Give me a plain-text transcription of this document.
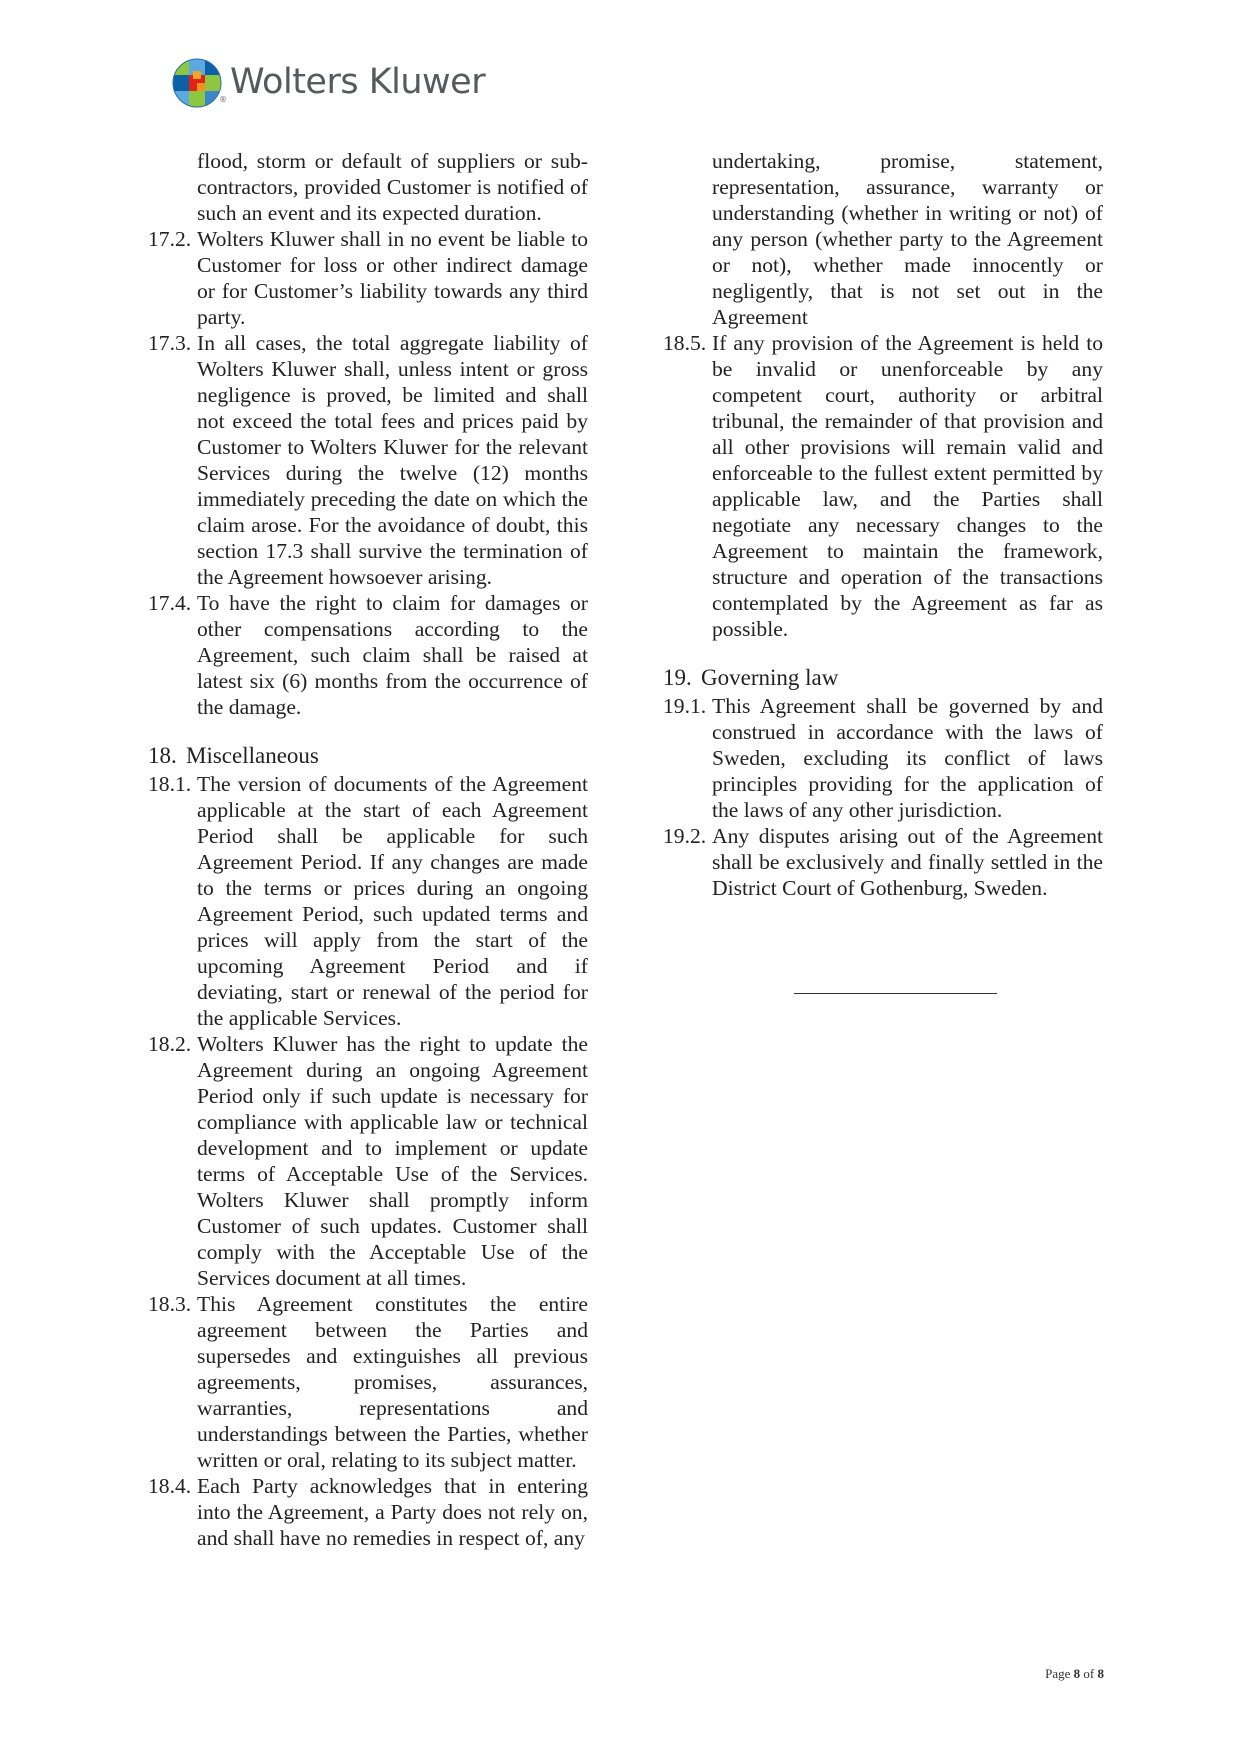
® Wolters Kluwer

flood, storm or default of suppliers or sub-contractors, provided Customer is notified of such an event and its expected duration.

17.2. Wolters Kluwer shall in no event be liable to Customer for loss or other indirect damage or for Customer’s liability towards any third party.
17.3. In all cases, the total aggregate liability of Wolters Kluwer shall, unless intent or gross negligence is proved, be limited and shall not exceed the total fees and prices paid by Customer to Wolters Kluwer for the relevant Services during the twelve (12) months immediately preceding the date on which the claim arose. For the avoidance of doubt, this section 17.3 shall survive the termination of the Agreement howsoever arising.
17.4. To have the right to claim for damages or other compensations according to the Agreement, such claim shall be raised at latest six (6) months from the occurrence of the damage.
18. Miscellaneous
18.1. The version of documents of the Agreement applicable at the start of each Agreement Period shall be applicable for such Agreement Period. If any changes are made to the terms or prices during an ongoing Agreement Period, such updated terms and prices will apply from the start of the upcoming Agreement Period and if deviating, start or renewal of the period for the applicable Services.
18.2. Wolters Kluwer has the right to update the Agreement during an ongoing Agreement Period only if such update is necessary for compliance with applicable law or technical development and to implement or update terms of Acceptable Use of the Services. Wolters Kluwer shall promptly inform Customer of such updates. Customer shall comply with the Acceptable Use of the Services document at all times.
18.3. This Agreement constitutes the entire agreement between the Parties and supersedes and extinguishes all previous agreements, promises, assurances, warranties, representations and understandings between the Parties, whether written or oral, relating to its subject matter.
18.4. Each Party acknowledges that in entering into the Agreement, a Party does not rely on, and shall have no remedies in respect of, any

undertaking, promise, statement, representation, assurance, warranty or understanding (whether in writing or not) of any person (whether party to the Agreement or not), whether made innocently or negligently, that is not set out in the Agreement

18.5. If any provision of the Agreement is held to be invalid or unenforceable by any competent court, authority or arbitral tribunal, the remainder of that provision and all other provisions will remain valid and enforceable to the fullest extent permitted by applicable law, and the Parties shall negotiate any necessary changes to the Agreement to maintain the framework, structure and operation of the transactions contemplated by the Agreement as far as possible.
19. Governing law
19.1. This Agreement shall be governed by and construed in accordance with the laws of Sweden, excluding its conflict of laws principles providing for the application of the laws of any other jurisdiction.
19.2. Any disputes arising out of the Agreement shall be exclusively and finally settled in the District Court of Gothenburg, Sweden.
Page 8 of 8
